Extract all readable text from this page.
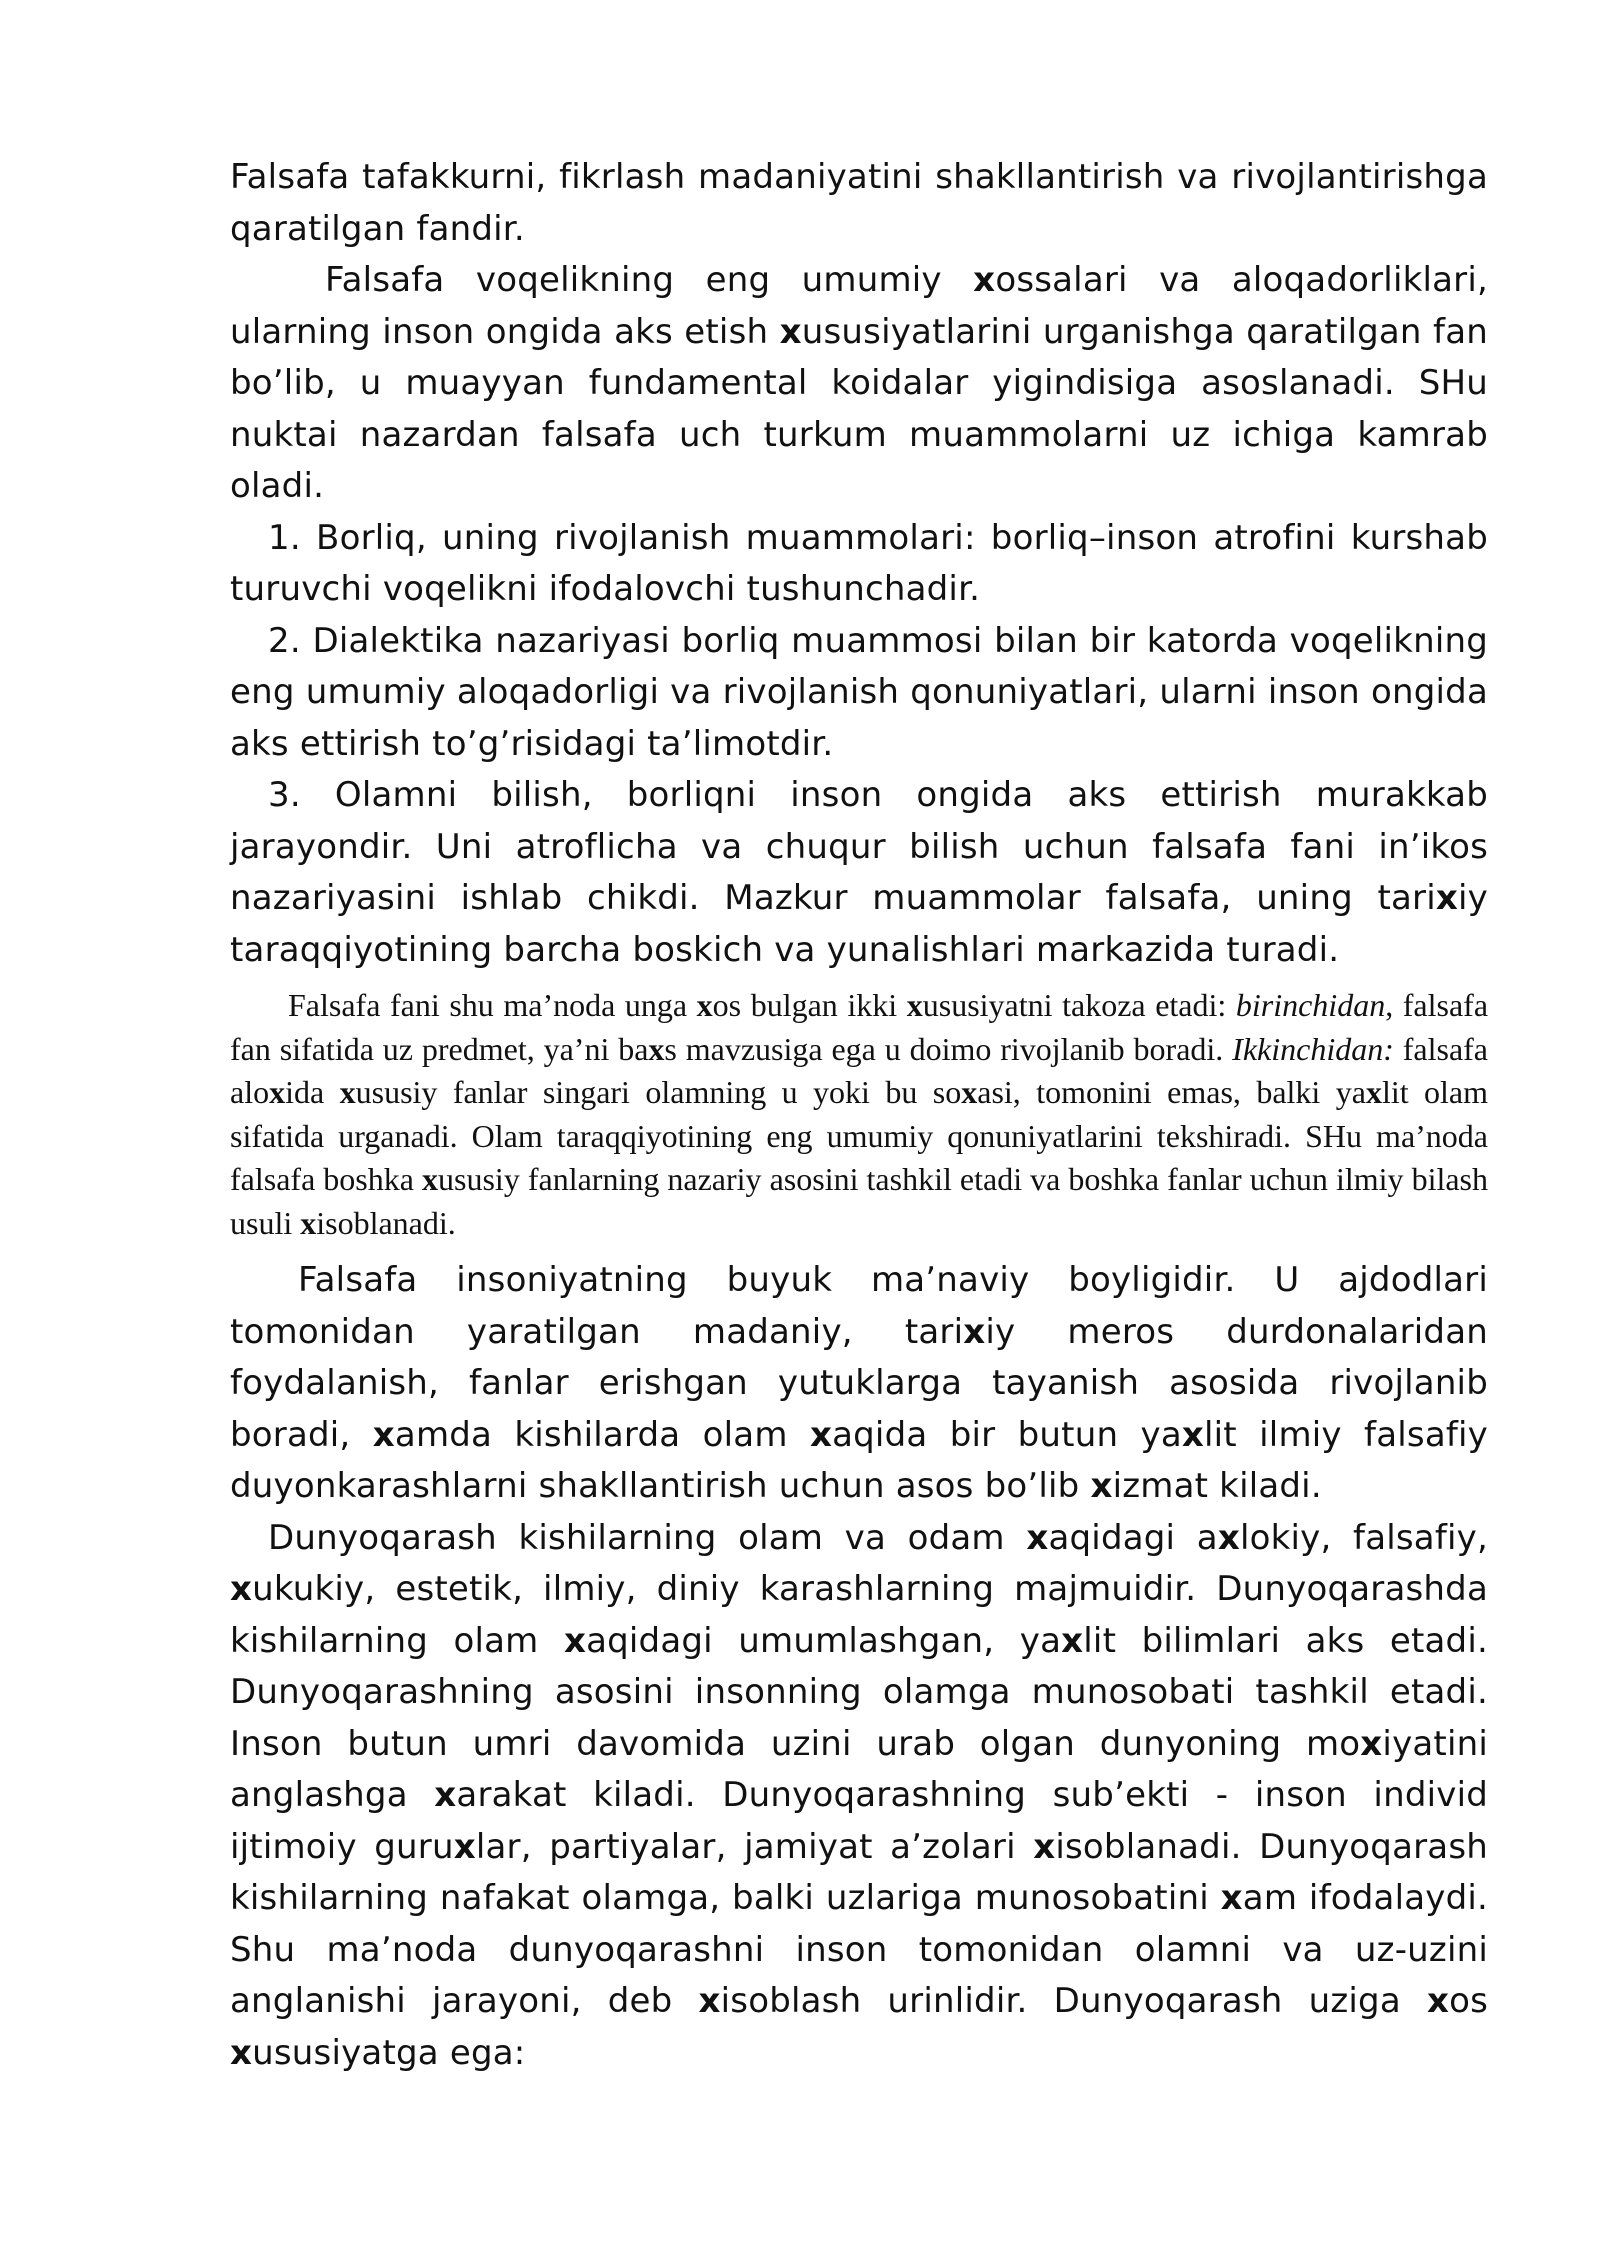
Falsafa tafakkurni, fikrlash madaniyatini shakllantirish va rivojlantirishga qaratilgan fandir.

Falsafa voqelikning eng umumiy xossalari va aloqadorliklari, ularning inson ongida aks etish xususiyatlarini urganishga qaratilgan fan bo’lib, u muayyan fundamental koidalar yigindisiga asoslanadi. SHu nuktai nazardan falsafa uch turkum muammolarni uz ichiga kamrab oladi.

1. Borliq, uning rivojlanish muammolari: borliq–inson atrofini kurshab turuvchi voqelikni ifodalovchi tushunchadir.

2. Dialektika nazariyasi borliq muammosi bilan bir katorda voqelikning eng umumiy aloqadorligi va rivojlanish qonuniyatlari, ularni inson ongida aks ettirish to’g’risidagi ta’limotdir.

3. Olamni bilish, borliqni inson ongida aks ettirish murakkab jarayondir. Uni atroflicha va chuqur bilish uchun falsafa fani in’ikos nazariyasini ishlab chikdi. Mazkur muammolar falsafa, uning tarixiy taraqqiyotining barcha boskich va yunalishlari markazida turadi.

Falsafa fani shu ma’noda unga xos bulgan ikki xususiyatni takoza etadi: birinchidan, falsafa fan sifatida uz predmet, ya’ni baxs mavzusiga ega u doimo rivojlanib boradi. Ikkinchidan: falsafa aloxida xususiy fanlar singari olamning u yoki bu soxasi, tomonini emas, balki yaxlit olam sifatida urganadi. Olam taraqqiyotining eng umumiy qonuniyatlarini tekshiradi. SHu ma’noda falsafa boshka xususiy fanlarning nazariy asosini tashkil etadi va boshka fanlar uchun ilmiy bilash usuli xisoblanadi.

Falsafa insoniyatning buyuk ma’naviy boyligidir. U ajdodlari tomonidan yaratilgan madaniy, tarixiy meros durdonalaridan foydalanish, fanlar erishgan yutuklarga tayanish asosida rivojlanib boradi, xamda kishilarda olam xaqida bir butun yaxlit ilmiy falsafiy duyonkarashlarni shakllantirish uchun asos bo’lib xizmat kiladi.

Dunyoqarash kishilarning olam va odam xaqidagi axlokiy, falsafiy, xukukiy, estetik, ilmiy, diniy karashlarning majmuidir. Dunyoqarashda kishilarning olam xaqidagi umumlashgan, yaxlit bilimlari aks etadi. Dunyoqarashning asosini insonning olamga munosobati tashkil etadi. Inson butun umri davomida uzini urab olgan dunyoning moxiyatini anglashga xarakat kiladi. Dunyoqarashning sub’ekti - inson individ ijtimoiy guruxlar, partiyalar, jamiyat a’zolari xisoblanadi. Dunyoqarash kishilarning nafakat olamga, balki uzlariga munosobatini xam ifodalaydi. Shu ma’noda dunyoqarashni inson tomonidan olamni va uz-uzini anglanishi jarayoni, deb xisoblash urinlidir. Dunyoqarash uziga xos xususiyatga ega:
